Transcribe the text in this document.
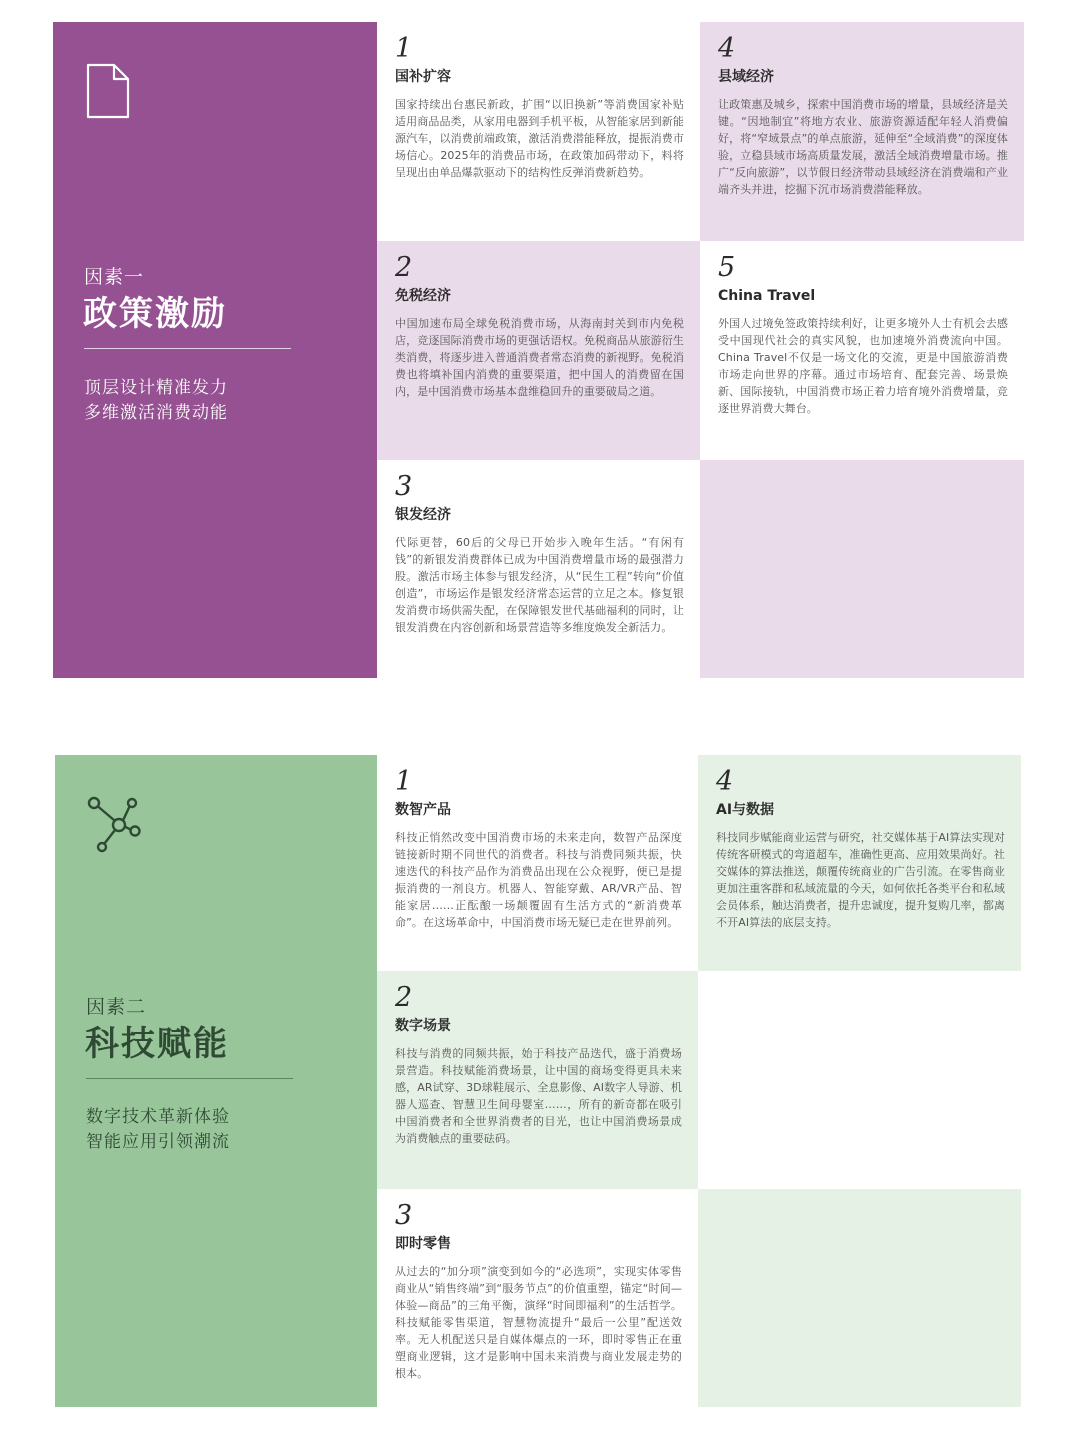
因素一
政策激励
顶层设计精准发力
多维激活消费动能
1
国补扩容
国家持续出台惠民新政，扩围“以旧换新”等消费国家补贴适用商品品类，从家用电器到手机平板，从智能家居到新能源汽车，以消费前端政策，激活消费潜能释放，提振消费市场信心。2025年的消费品市场，在政策加码带动下，料将呈现出由单品爆款驱动下的结构性反弹消费新趋势。
2
免税经济
中国加速布局全球免税消费市场，从海南封关到市内免税店，竞逐国际消费市场的更强话语权。免税商品从旅游衍生类消费，将逐步进入普通消费者常态消费的新视野。免税消费也将填补国内消费的重要渠道，把中国人的消费留在国内，是中国消费市场基本盘维稳回升的重要破局之道。
3
银发经济
代际更替，60后的父母已开始步入晚年生活。“有闲有钱”的新银发消费群体已成为中国消费增量市场的最强潜力股。激活市场主体参与银发经济，从“民生工程”转向“价值创造”，市场运作是银发经济常态运营的立足之本。修复银发消费市场供需失配，在保障银发世代基础福利的同时，让银发消费在内容创新和场景营造等多维度焕发全新活力。
4
县域经济
让政策惠及城乡，探索中国消费市场的增量，县域经济是关键。“因地制宜”将地方农业、旅游资源适配年轻人消费偏好，将“窄域景点”的单点旅游，延伸至“全域消费”的深度体验，立稳县域市场高质量发展，激活全域消费增量市场。推广“反向旅游”，以节假日经济带动县域经济在消费端和产业端齐头并进，挖掘下沉市场消费潜能释放。
5
China Travel
外国人过境免签政策持续利好，让更多境外人士有机会去感受中国现代社会的真实风貌，也加速境外消费流向中国。China Travel不仅是一场文化的交流，更是中国旅游消费市场走向世界的序幕。通过市场培育、配套完善、场景焕新、国际接轨，中国消费市场正着力培育境外消费增量，竞逐世界消费大舞台。
因素二
科技赋能
数字技术革新体验
智能应用引领潮流
1
数智产品
科技正悄然改变中国消费市场的未来走向，数智产品深度链接新时期不同世代的消费者。科技与消费同频共振，快速迭代的科技产品作为消费品出现在公众视野，便已是提振消费的一剂良方。机器人、智能穿戴、AR/VR产品、智能家居……正酝酿一场颠覆固有生活方式的“新消费革命”。在这场革命中，中国消费市场无疑已走在世界前列。
2
数字场景
科技与消费的同频共振，始于科技产品迭代，盛于消费场景营造。科技赋能消费场景，让中国的商场变得更具未来感，AR试穿、3D球鞋展示、全息影像、AI数字人导游、机器人巡查、智慧卫生间母婴室……，所有的新奇都在吸引中国消费者和全世界消费者的目光，也让中国消费场景成为消费触点的重要砝码。
3
即时零售
从过去的“加分项”演变到如今的“必选项”，实现实体零售商业从“销售终端”到“服务节点”的价值重塑，锚定“时间—体验—商品”的三角平衡，演绎“时间即福利”的生活哲学。科技赋能零售渠道，智慧物流提升“最后一公里”配送效率。无人机配送只是自媒体爆点的一环，即时零售正在重塑商业逻辑，这才是影响中国未来消费与商业发展走势的根本。
4
AI与数据
科技同步赋能商业运营与研究，社交媒体基于AI算法实现对传统客研模式的弯道超车，准确性更高、应用效果尚好。社交媒体的算法推送，颠覆传统商业的广告引流。在零售商业更加注重客群和私域流量的今天，如何依托各类平台和私域会员体系，触达消费者，提升忠诚度，提升复购几率，都离不开AI算法的底层支持。
